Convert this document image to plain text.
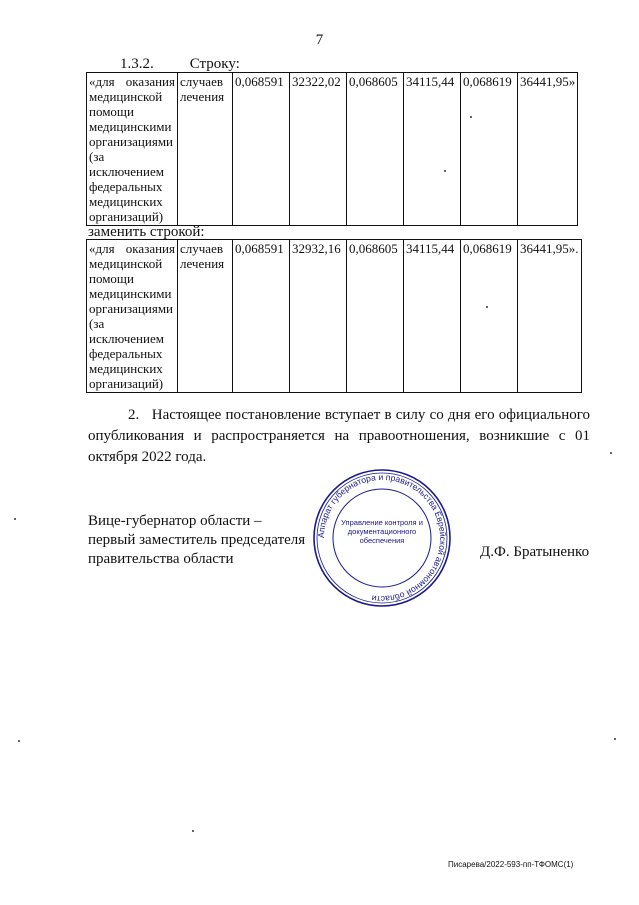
7
1.3.2. Строку:
«для оказания медицинской помощи медицинскими организациями (за исключением федеральных медицинских организаций)	случаев лечения	0,068591	32322,02	0,068605	34115,44	0,068619	36441,95»
заменить строкой:
«для оказания медицинской помощи медицинскими организациями (за исключением федеральных медицинских организаций)	случаев лечения	0,068591	32932,16	0,068605	34115,44	0,068619	36441,95».
2. Настоящее постановление вступает в силу со дня его официального опубликования и распространяется на правоотношения, возникшие с 01 октября 2022 года.
Вице-губернатор области –
первый заместитель председателя
правительства области	Д.Ф. Братыненко
Аппарат губернатора и правительства Еврейской автономной области
Управление контроля и документационного обеспечения
Писарева/2022-593-пп-ТФОМС(1)
